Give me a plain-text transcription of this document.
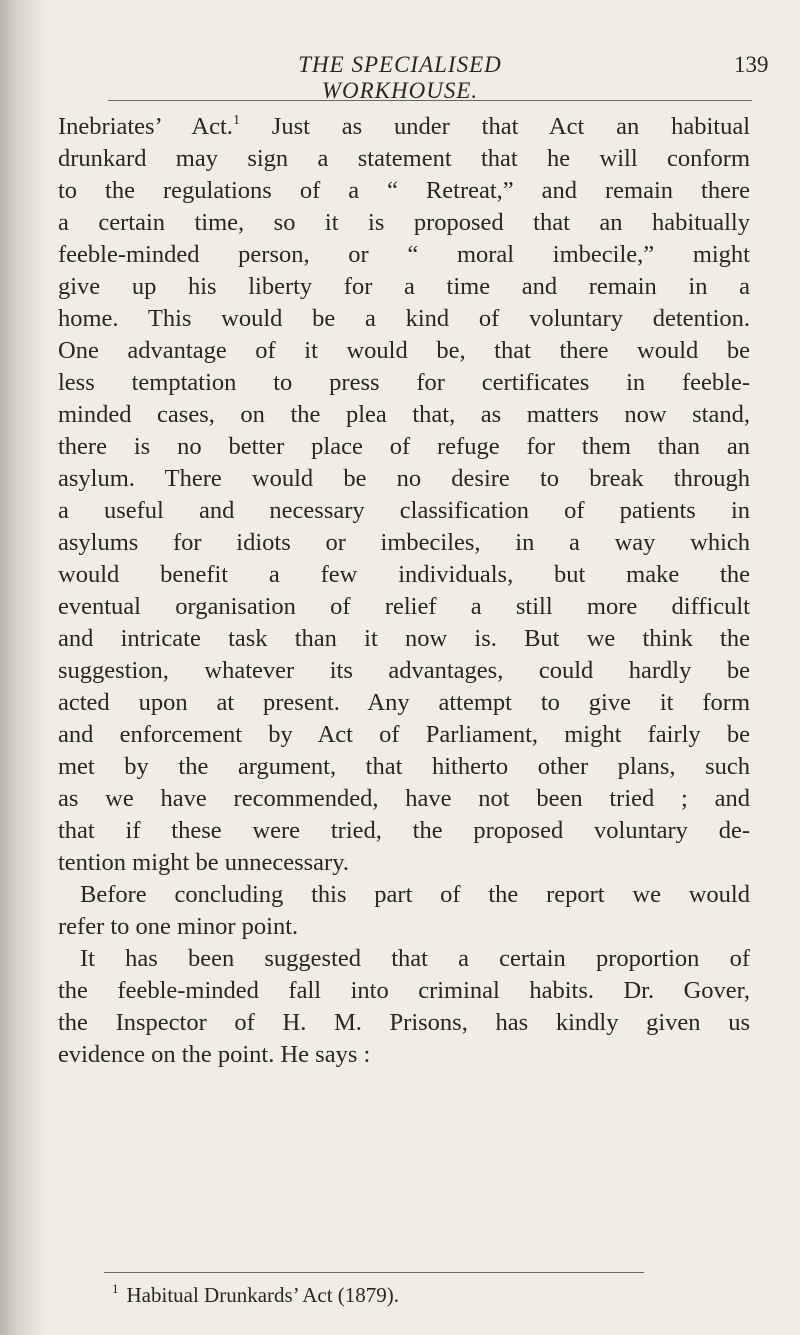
THE SPECIALISED WORKHOUSE.
139
Inebriates’ Act.$^1$ Just as under that Act an habitual
drunkard may sign a statement that he will conform
to the regulations of a “ Retreat,” and remain there
a certain time, so it is proposed that an habitually
feeble-minded person, or “ moral imbecile,” might
give up his liberty for a time and remain in a
home. This would be a kind of voluntary detention.
One advantage of it would be, that there would be
less temptation to press for certificates in feeble-
minded cases, on the plea that, as matters now stand,
there is no better place of refuge for them than an
asylum. There would be no desire to break through
a useful and necessary classification of patients in
asylums for idiots or imbeciles, in a way which
would benefit a few individuals, but make the
eventual organisation of relief a still more difficult
and intricate task than it now is. But we think the
suggestion, whatever its advantages, could hardly be
acted upon at present. Any attempt to give it form
and enforcement by Act of Parliament, might fairly be
met by the argument, that hitherto other plans, such
as we have recommended, have not been tried ; and
that if these were tried, the proposed voluntary de-
tention might be unnecessary.
Before concluding this part of the report we would
refer to one minor point.
It has been suggested that a certain proportion of
the feeble-minded fall into criminal habits. Dr. Gover,
the Inspector of H. M. Prisons, has kindly given us
evidence on the point. He says :
$^1$ Habitual Drunkards’ Act (1879).
